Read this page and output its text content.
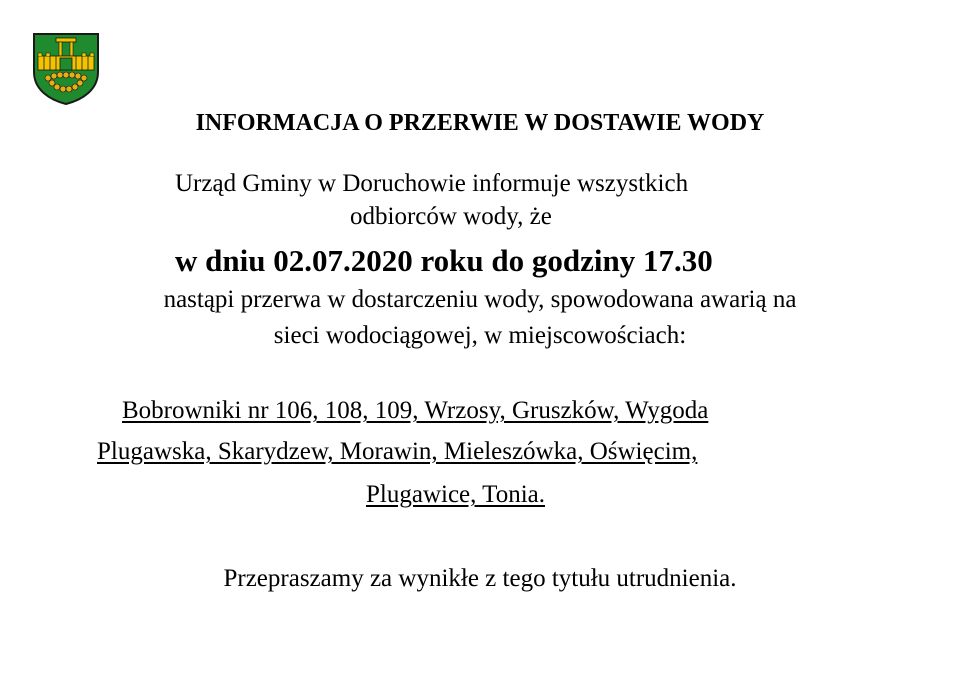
INFORMACJA O PRZERWIE W DOSTAWIE WODY
Urząd Gminy w Doruchowie informuje wszystkich
odbiorców wody, że
w dniu 02.07.2020 roku do godziny 17.30
nastąpi przerwa w dostarczeniu wody, spowodowana awarią na
sieci wodociągowej, w miejscowościach:
Bobrowniki nr 106, 108, 109, Wrzosy, Gruszków, Wygoda
Plugawska, Skarydzew, Morawin, Mieleszówka, Oświęcim,
Plugawice, Tonia.
Przepraszamy za wynikłe z tego tytułu utrudnienia.
